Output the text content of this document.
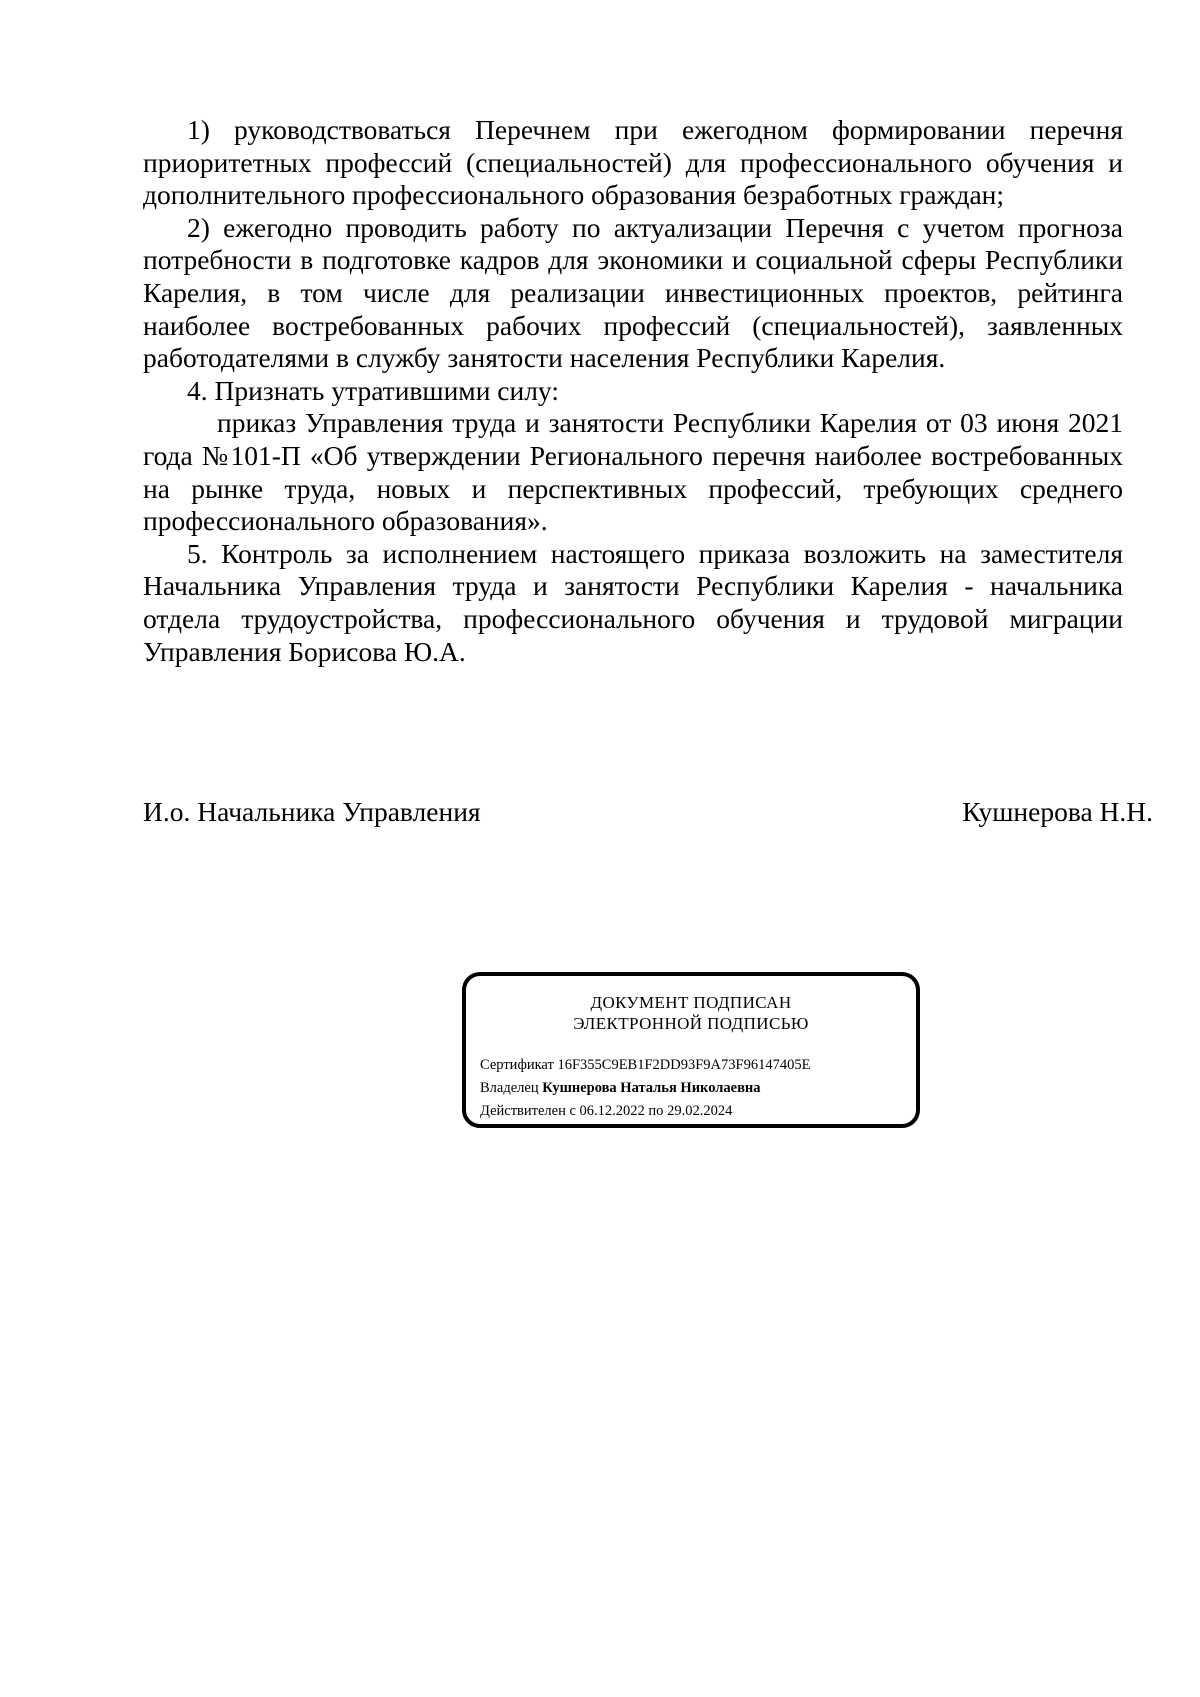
1) руководствоваться Перечнем при ежегодном формировании перечня приоритетных профессий (специальностей) для профессионального обучения и дополнительного профессионального образования безработных граждан;

2) ежегодно проводить работу по актуализации Перечня с учетом прогноза потребности в подготовке кадров для экономики и социальной сферы Республики Карелия, в том числе для реализации инвестиционных проектов, рейтинга наиболее востребованных рабочих профессий (специальностей), заявленных работодателями в службу занятости населения Республики Карелия.

4. Признать утратившими силу:

приказ Управления труда и занятости Республики Карелия от 03 июня 2021 года №101-П «Об утверждении Регионального перечня наиболее востребованных на рынке труда, новых и перспективных профессий, требующих среднего профессионального образования».

5. Контроль за исполнением настоящего приказа возложить на заместителя Начальника Управления труда и занятости Республики Карелия - начальника отдела трудоустройства, профессионального обучения и трудовой миграции Управления Борисова Ю.А.

И.о. Начальника Управления	Кушнерова Н.Н.
ДОКУМЕНТ ПОДПИСАН
ЭЛЕКТРОННОЙ ПОДПИСЬЮ
Сертификат 16F355C9EB1F2DD93F9A73F96147405E
Владелец Кушнерова Наталья Николаевна
Действителен с 06.12.2022 по 29.02.2024
